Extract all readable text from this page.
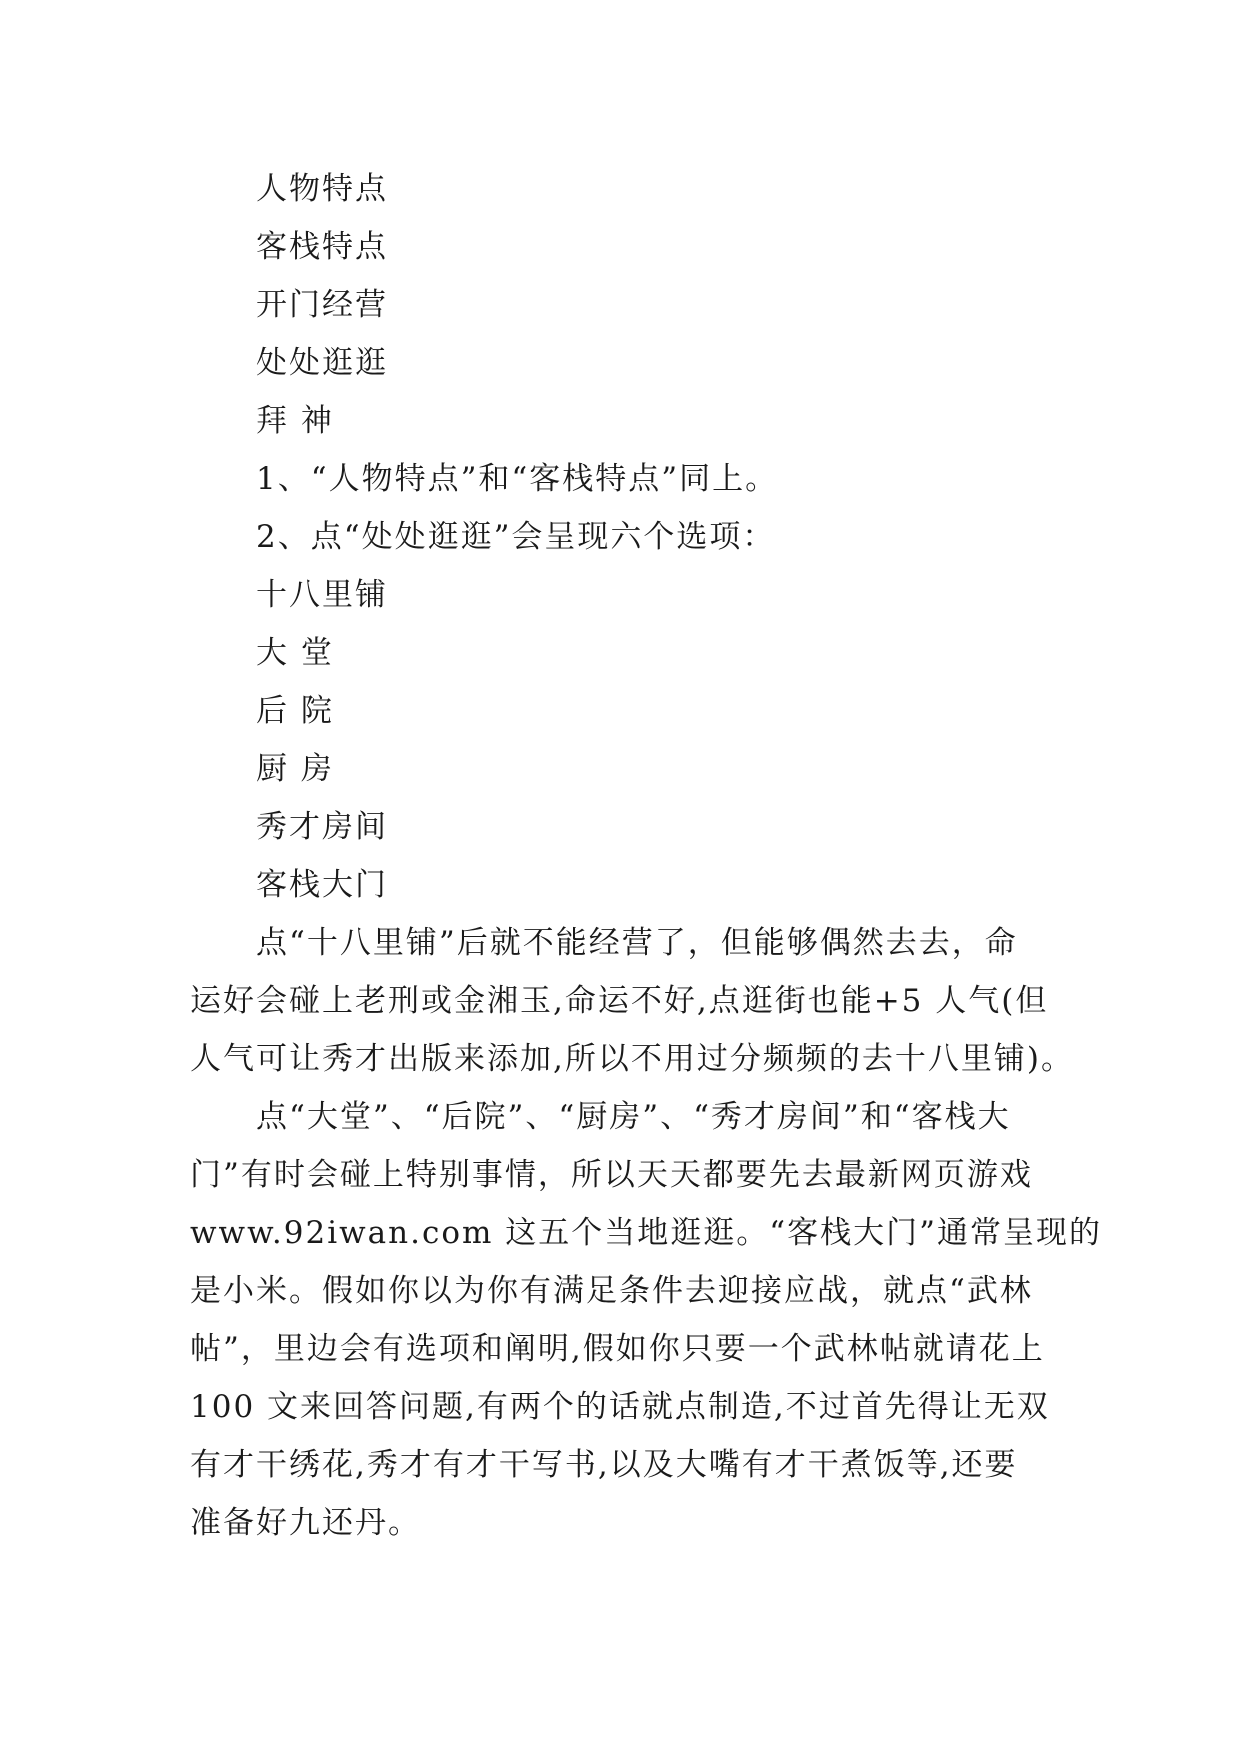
人物特点
客栈特点
开门经营
处处逛逛
拜 神
1、“人物特点”和“客栈特点”同上。
2、点“处处逛逛”会呈现六个选项：
十八里铺
大 堂
后 院
厨 房
秀才房间
客栈大门
点“十八里铺”后就不能经营了，但能够偶然去去，命
运好会碰上老刑或金湘玉,命运不好,点逛街也能+5 人气(但
人气可让秀才出版来添加,所以不用过分频频的去十八里铺)。
点“大堂”、“后院”、“厨房”、“秀才房间”和“客栈大
门”有时会碰上特别事情，所以天天都要先去最新网页游戏
www.92iwan.com 这五个当地逛逛。“客栈大门”通常呈现的
是小米。假如你以为你有满足条件去迎接应战，就点“武林
帖”，里边会有选项和阐明,假如你只要一个武林帖就请花上
100 文来回答问题,有两个的话就点制造,不过首先得让无双
有才干绣花,秀才有才干写书,以及大嘴有才干煮饭等,还要
准备好九还丹。
